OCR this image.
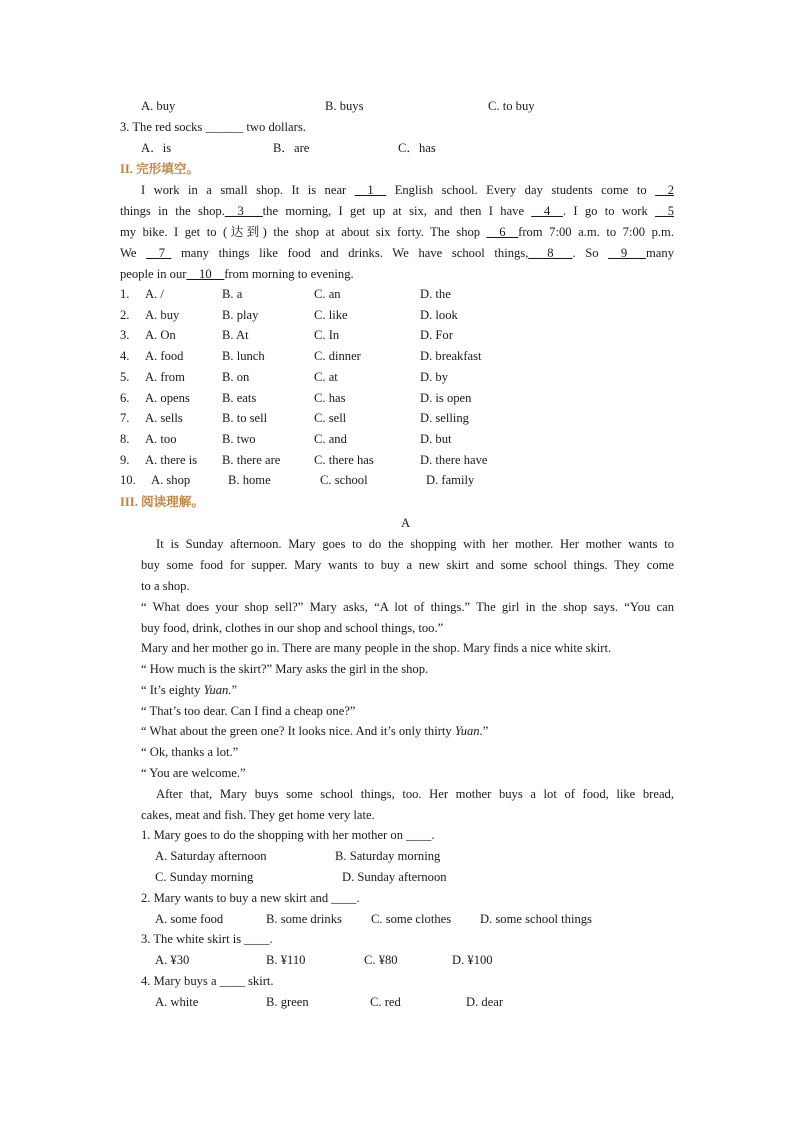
A. buy	B. buys	C. to buy
3. The red socks ______ two dollars.
A．is	B．are	C．has
II. 完形填空。
I work in a small shop. It is near __1__ English school. Every day students come to __2
things in the shop.__3___the morning, I get up at six, and then I have __4__. I go to work __5
my bike. I get to (达到) the shop at about six forty. The shop __6__from 7:00 a.m. to 7:00 p.m.
We __7_ many things like food and drinks. We have school things,___8___. So __9___many
people in our__10__from morning to evening.
1. A. /	B. a	C. an	D. the
2. A. buy	B. play	C. like	D. look
3. A. On	B. At	C. In	D. For
4. A. food	B. lunch	C. dinner	D. breakfast
5. A. from	B. on	C. at	D. by
6. A. opens	B. eats	C. has	D. is open
7. A. sells	B. to sell	C. sell	D. selling
8. A. too	B. two	C. and	D. but
9. A. there is B. there are	C. there has	D. there have
10. A. shop	B. home	C. school	D. family
III. 阅读理解。
A
It is Sunday afternoon. Mary goes to do the shopping with her mother. Her mother wants to
buy some food for supper. Mary wants to buy a new skirt and some school things. They come
to a shop.
“ What does your shop sell?” Mary asks, “A lot of things.” The girl in the shop says. “You can
buy food, drink, clothes in our shop and school things, too.”
Mary and her mother go in. There are many people in the shop. Mary finds a nice white skirt.
“ How much is the skirt?” Mary asks the girl in the shop.
“ It’s eighty Yuan.”
“ That’s too dear. Can I find a cheap one?”
“ What about the green one? It looks nice. And it’s only thirty Yuan.”
“ Ok, thanks a lot.”
“ You are welcome.”
After that, Mary buys some school things, too. Her mother buys a lot of food, like bread,
cakes, meat and fish. They get home very late.
1. Mary goes to do the shopping with her mother on ____.
A. Saturday afternoon	B. Saturday morning
C. Sunday morning	D. Sunday afternoon
2. Mary wants to buy a new skirt and ____.
A. some food	B. some drinks C. some clothes D. some school things
3. The white skirt is ____.
A. ¥30	B. ¥110	C. ¥80	D. ¥100
4. Mary buys a ____ skirt.
A. white	B. green	C. red	D. dear
